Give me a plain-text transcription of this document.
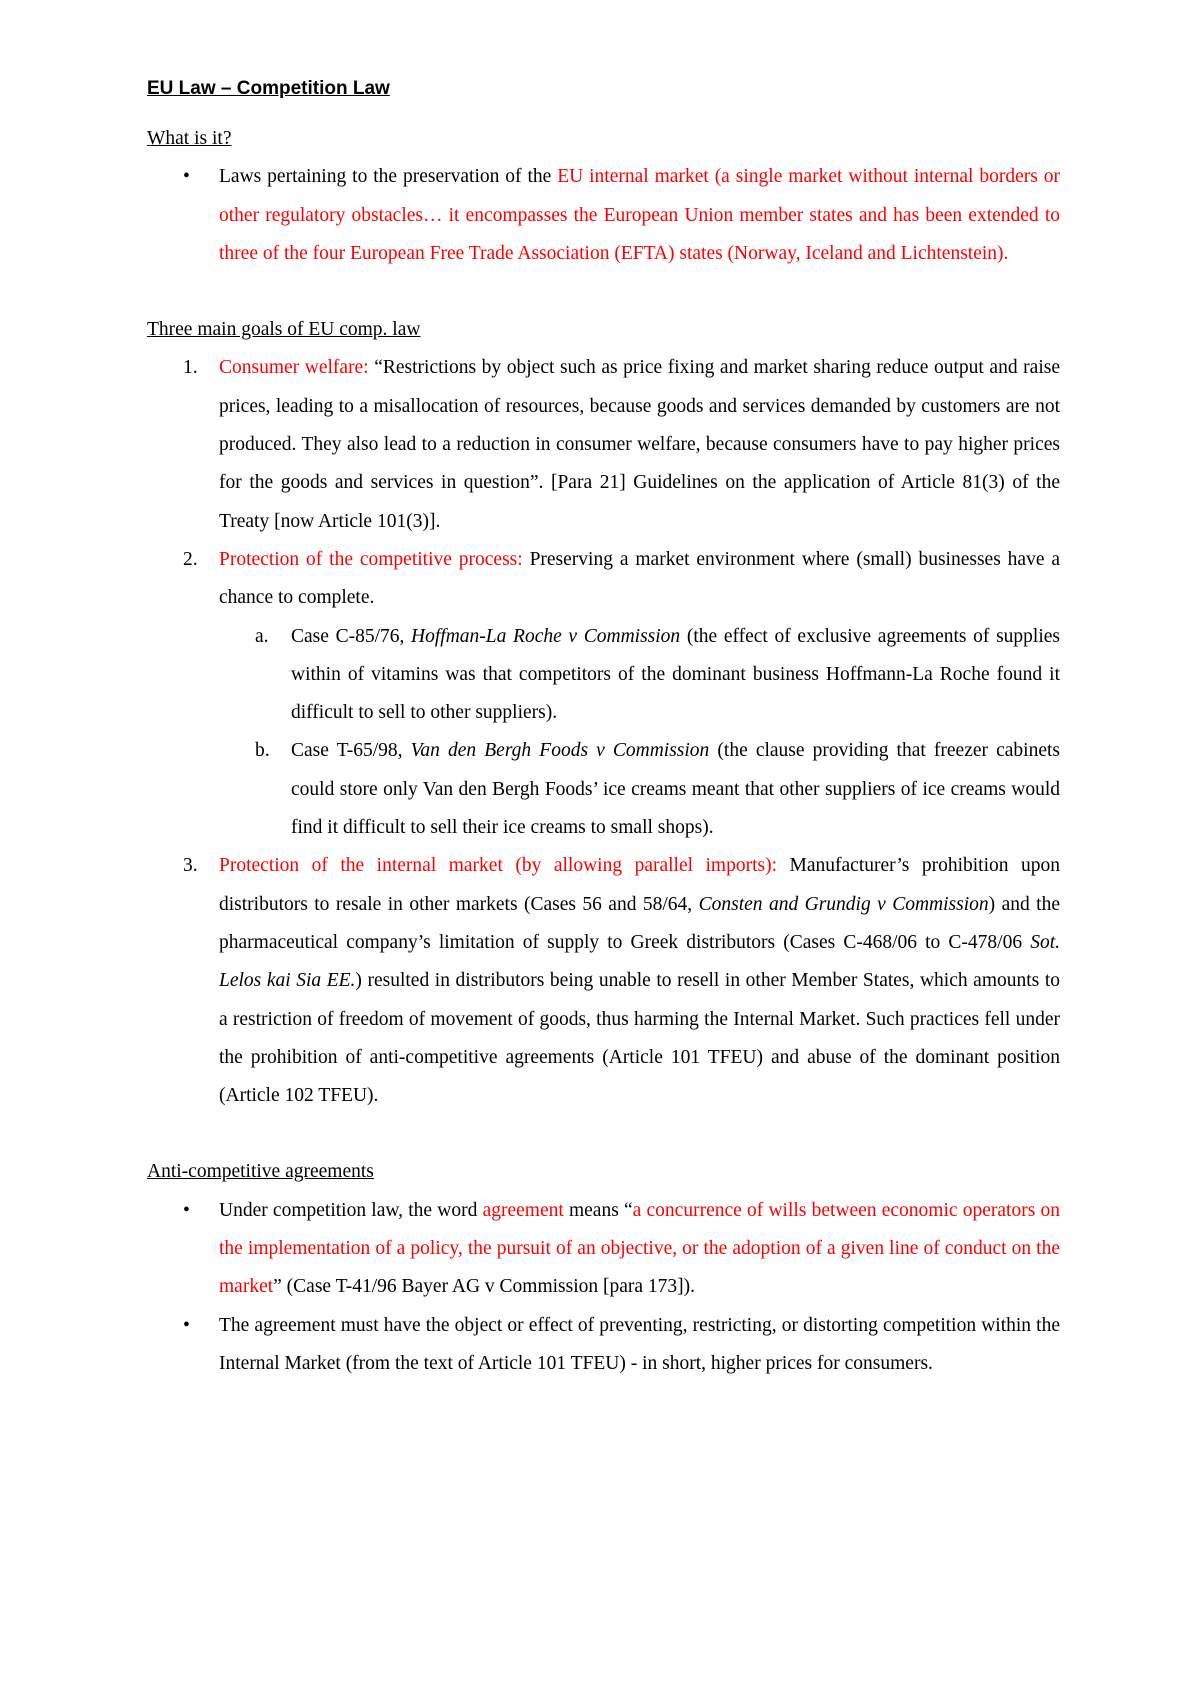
EU Law – Competition Law

What is it?

• Laws pertaining to the preservation of the EU internal market (a single market without internal borders or other regulatory obstacles… it encompasses the European Union member states and has been extended to three of the four European Free Trade Association (EFTA) states (Norway, Iceland and Lichtenstein).

Three main goals of EU comp. law

1. Consumer welfare: “Restrictions by object such as price fixing and market sharing reduce output and raise prices, leading to a misallocation of resources, because goods and services demanded by customers are not produced. They also lead to a reduction in consumer welfare, because consumers have to pay higher prices for the goods and services in question”. [Para 21] Guidelines on the application of Article 81(3) of the Treaty [now Article 101(3)].
2. Protection of the competitive process: Preserving a market environment where (small) businesses have a chance to complete.
a. Case C-85/76, Hoffman-La Roche v Commission (the effect of exclusive agreements of supplies within of vitamins was that competitors of the dominant business Hoffmann-La Roche found it difficult to sell to other suppliers).
b. Case T-65/98, Van den Bergh Foods v Commission (the clause providing that freezer cabinets could store only Van den Bergh Foods’ ice creams meant that other suppliers of ice creams would find it difficult to sell their ice creams to small shops).
3. Protection of the internal market (by allowing parallel imports): Manufacturer’s prohibition upon distributors to resale in other markets (Cases 56 and 58/64, Consten and Grundig v Commission) and the pharmaceutical company’s limitation of supply to Greek distributors (Cases C-468/06 to C-478/06 Sot. Lelos kai Sia EE.) resulted in distributors being unable to resell in other Member States, which amounts to a restriction of freedom of movement of goods, thus harming the Internal Market. Such practices fell under the prohibition of anti-competitive agreements (Article 101 TFEU) and abuse of the dominant position (Article 102 TFEU).

Anti-competitive agreements

• Under competition law, the word agreement means “a concurrence of wills between economic operators on the implementation of a policy, the pursuit of an objective, or the adoption of a given line of conduct on the market” (Case T-41/96 Bayer AG v Commission [para 173]).
• The agreement must have the object or effect of preventing, restricting, or distorting competition within the Internal Market (from the text of Article 101 TFEU) - in short, higher prices for consumers.
